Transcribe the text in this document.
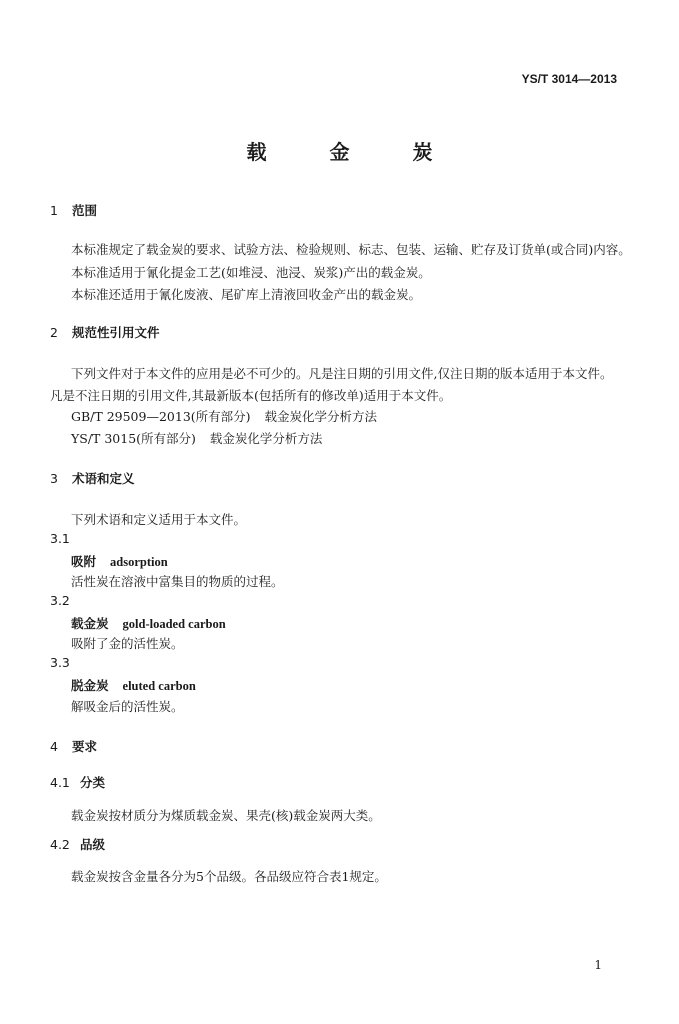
YS/T 3014—2013
载 金 炭
1 范围
本标准规定了载金炭的要求、试验方法、检验规则、标志、包装、运输、贮存及订货单(或合同)内容。
本标准适用于氰化提金工艺(如堆浸、池浸、炭浆)产出的载金炭。
本标准还适用于氰化废液、尾矿库上清液回收金产出的载金炭。
2 规范性引用文件
下列文件对于本文件的应用是必不可少的。凡是注日期的引用文件,仅注日期的版本适用于本文件。凡是不注日期的引用文件,其最新版本(包括所有的修改单)适用于本文件。
GB/T 29509—2013(所有部分) 载金炭化学分析方法
YS/T 3015(所有部分) 载金炭化学分析方法
3 术语和定义
下列术语和定义适用于本文件。
3.1
吸附 adsorption
活性炭在溶液中富集目的物质的过程。
3.2
载金炭 gold-loaded carbon
吸附了金的活性炭。
3.3
脱金炭 eluted carbon
解吸金后的活性炭。
4 要求
4.1 分类
载金炭按材质分为煤质载金炭、果壳(核)载金炭两大类。
4.2 品级
载金炭按含金量各分为5个品级。各品级应符合表1规定。
1
